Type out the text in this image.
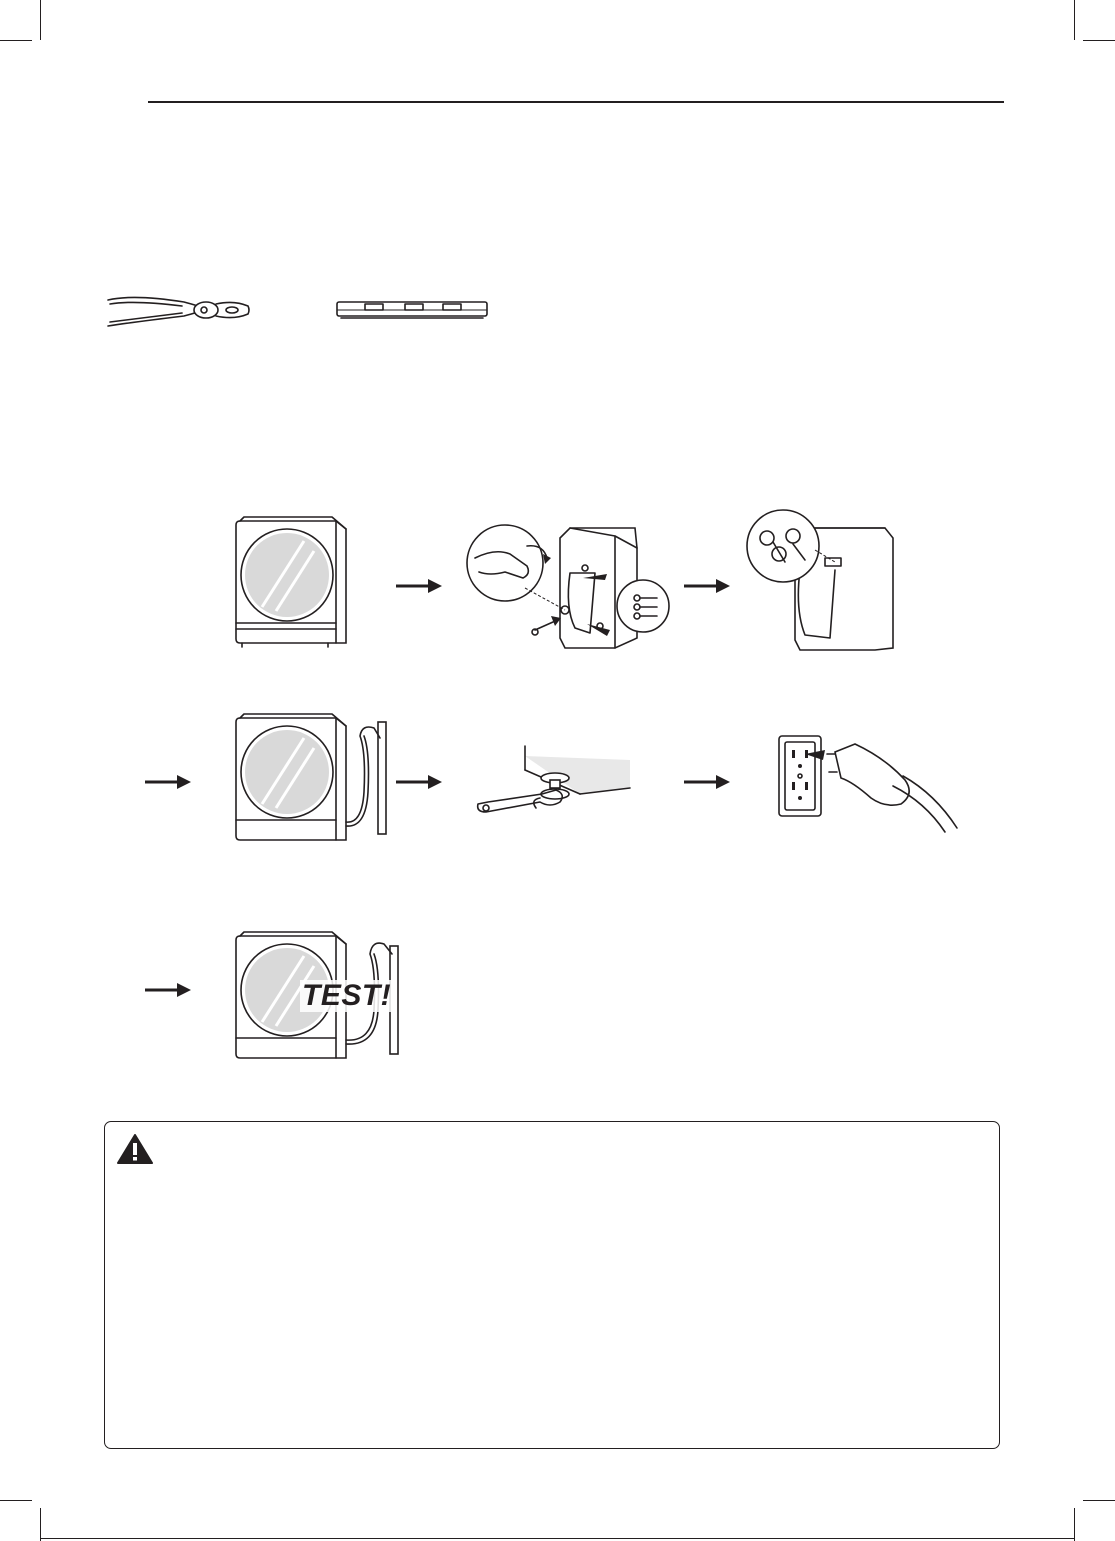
TEST!
